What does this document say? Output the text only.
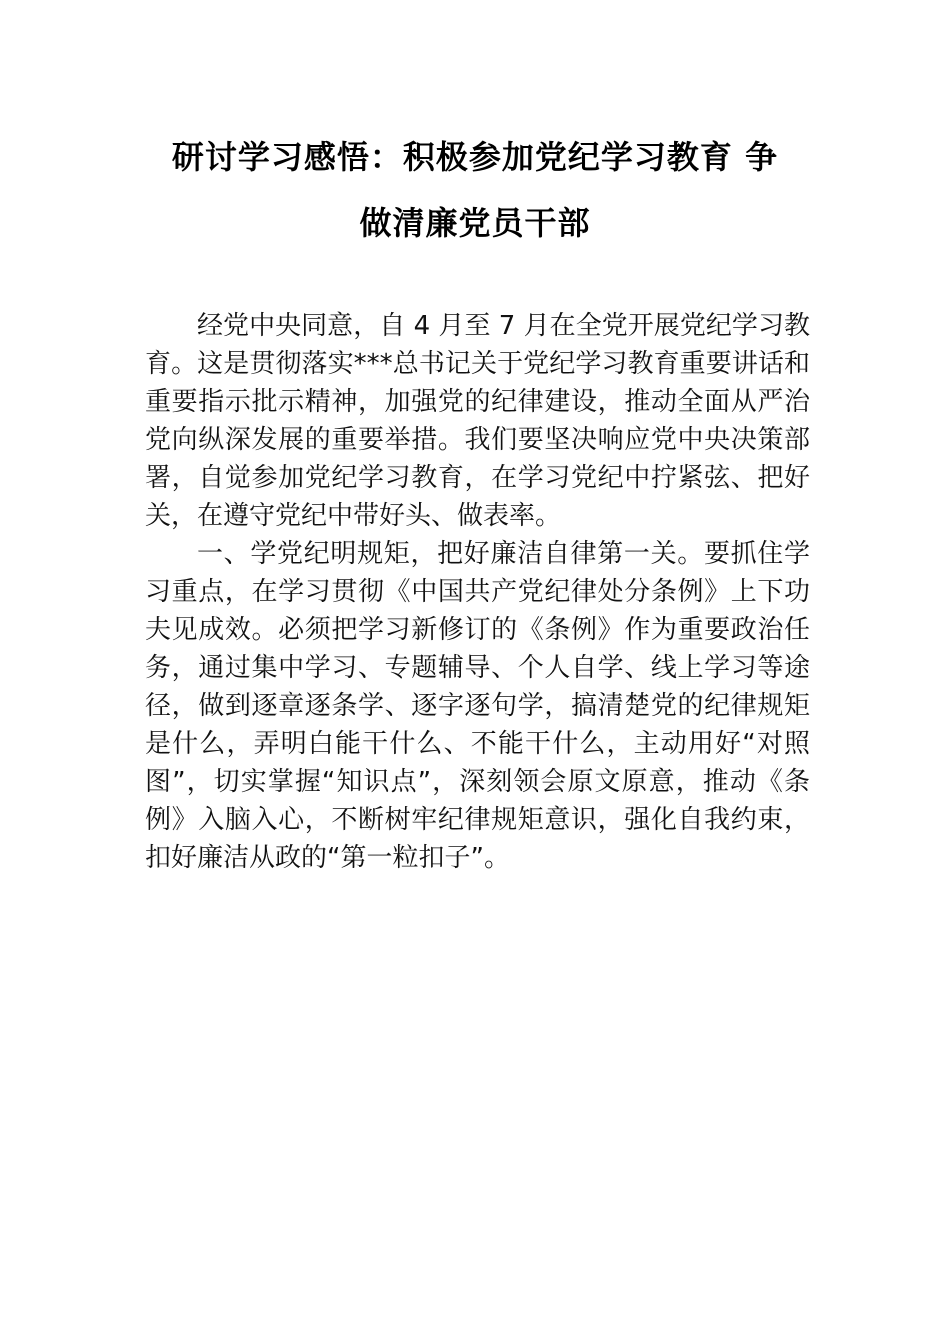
研讨学习感悟：积极参加党纪学习教育 争
做清廉党员干部

经党中央同意，自 4 月至 7 月在全党开展党纪学习教育。这是贯彻落实***总书记关于党纪学习教育重要讲话和重要指示批示精神，加强党的纪律建设，推动全面从严治党向纵深发展的重要举措。我们要坚决响应党中央决策部署，自觉参加党纪学习教育，在学习党纪中拧紧弦、把好关，在遵守党纪中带好头、做表率。

一、学党纪明规矩，把好廉洁自律第一关。要抓住学习重点，在学习贯彻《中国共产党纪律处分条例》上下功夫见成效。必须把学习新修订的《条例》作为重要政治任务，通过集中学习、专题辅导、个人自学、线上学习等途径，做到逐章逐条学、逐字逐句学，搞清楚党的纪律规矩是什么，弄明白能干什么、不能干什么，主动用好“对照图”，切实掌握“知识点”，深刻领会原文原意，推动《条例》入脑入心，不断树牢纪律规矩意识，强化自我约束，扣好廉洁从政的“第一粒扣子”。
